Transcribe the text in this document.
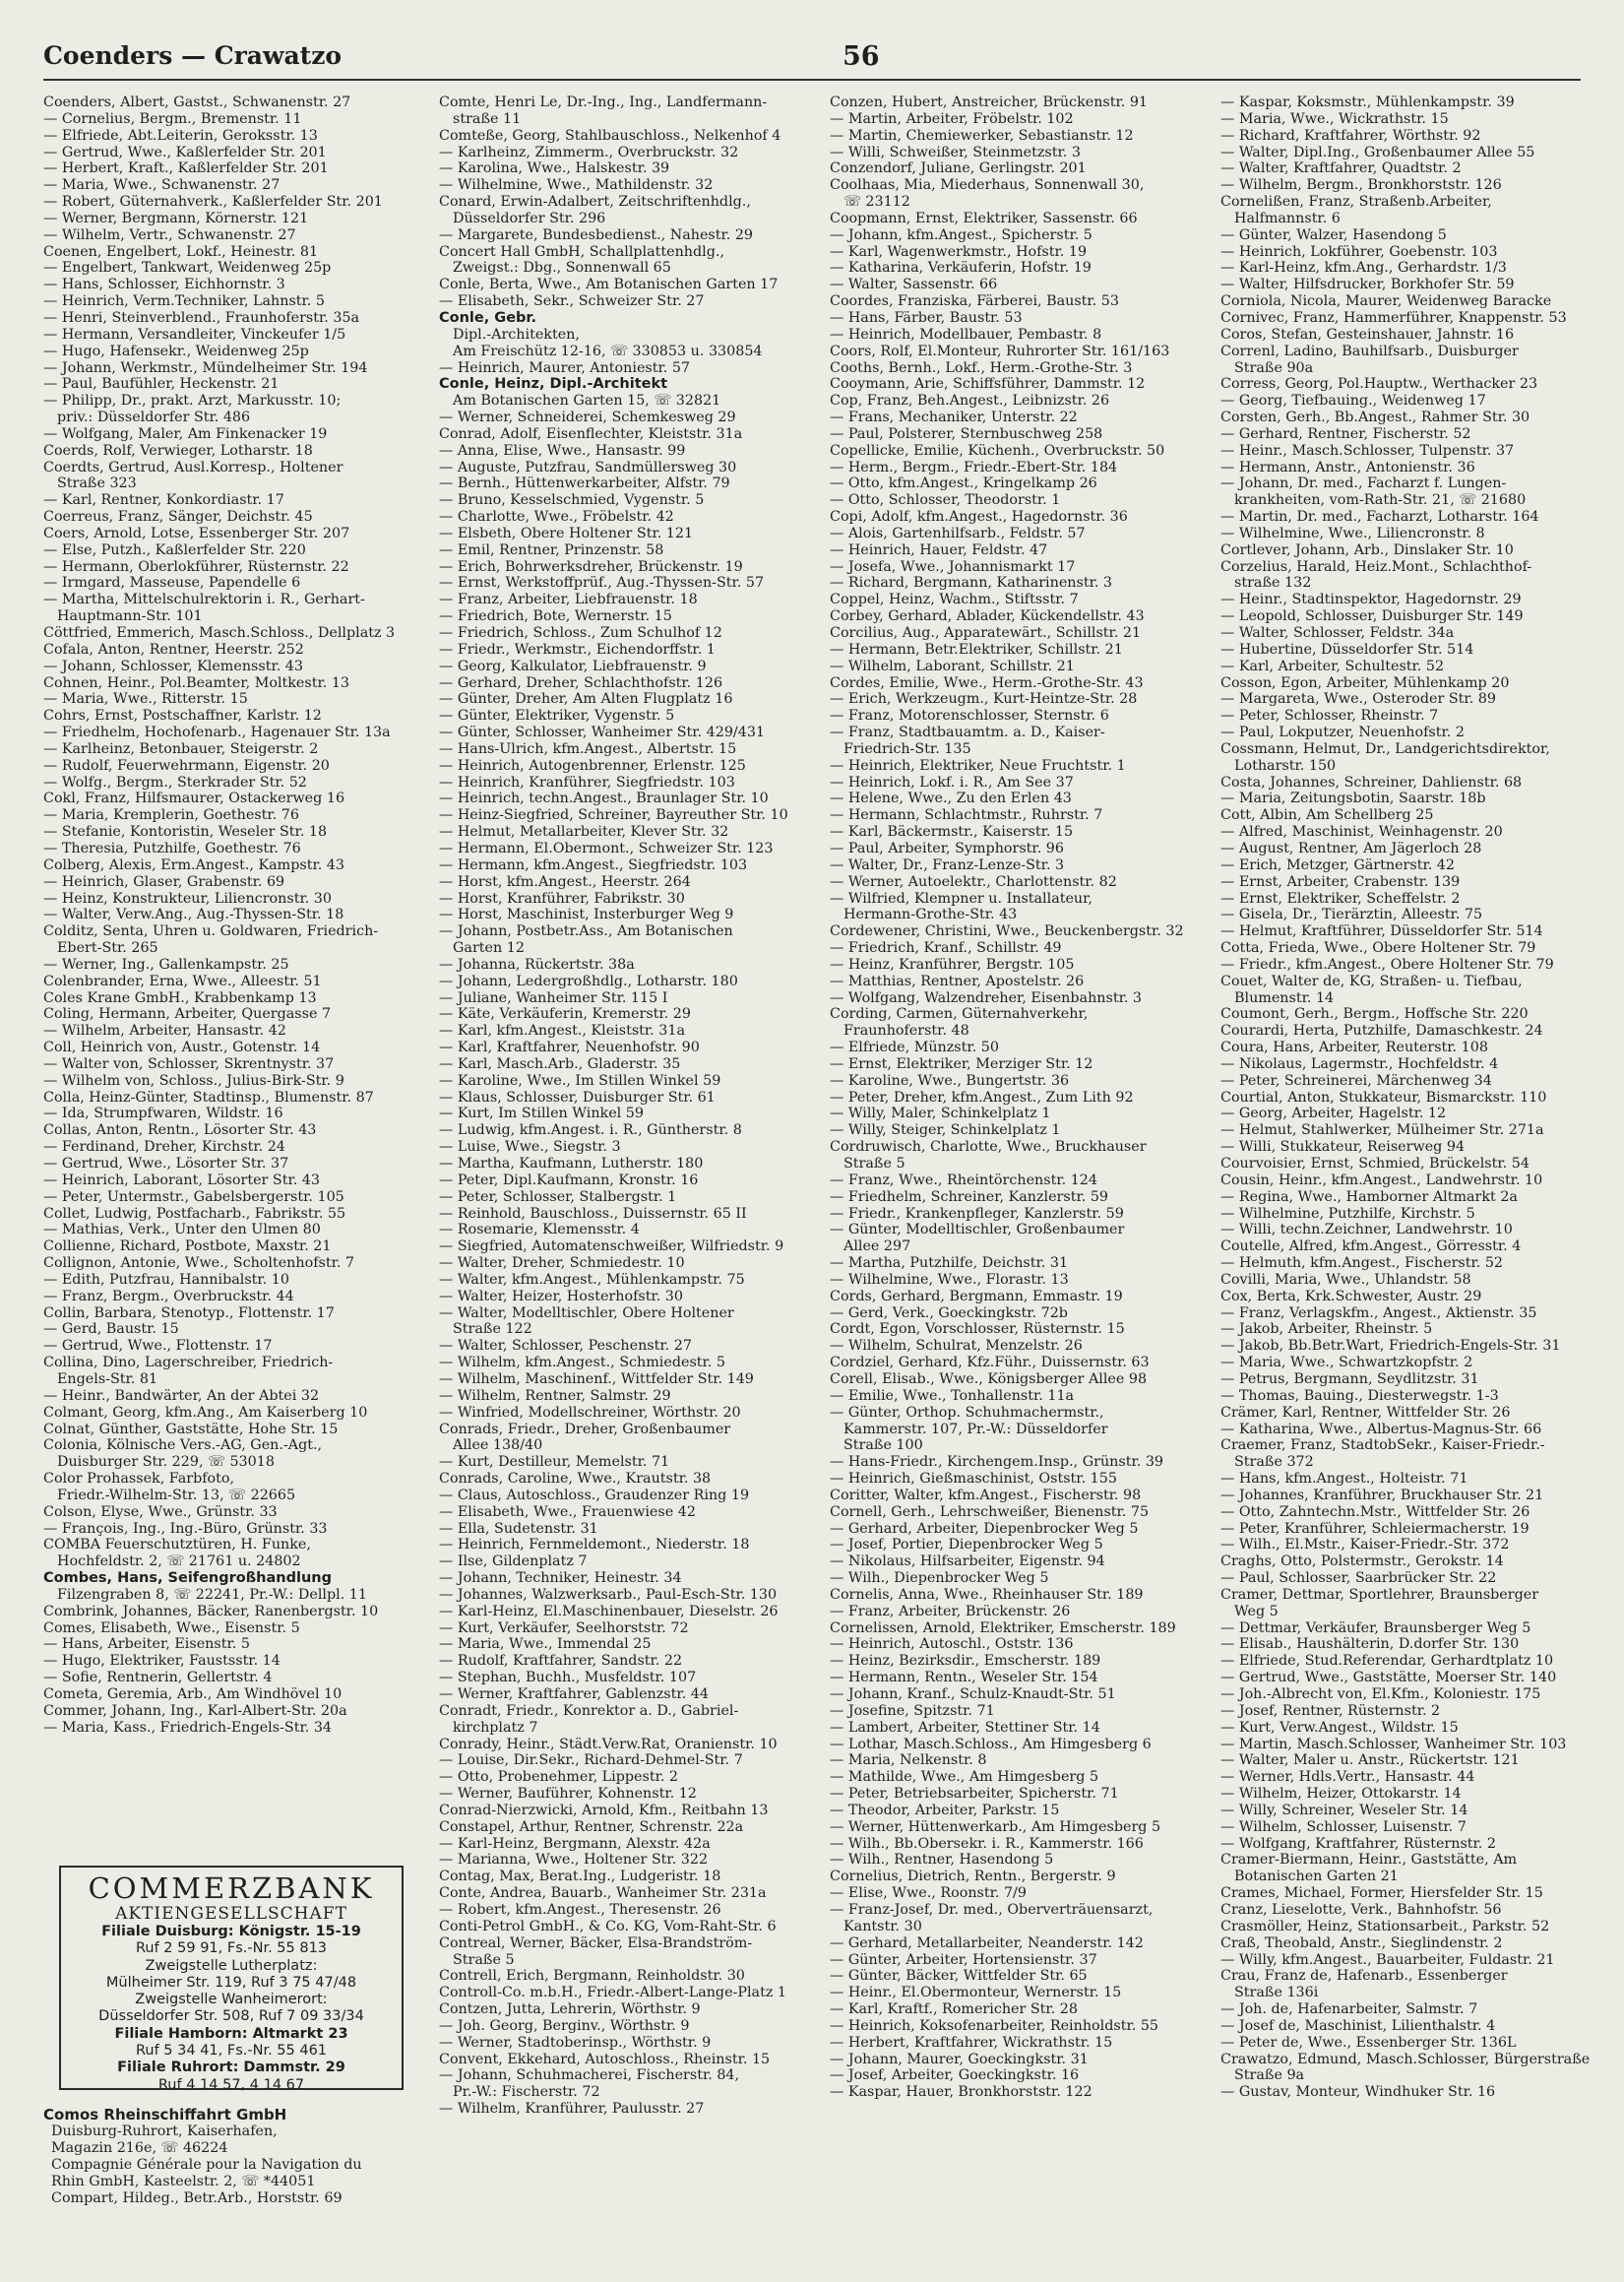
Coenders — Crawatzo	56
Coenders, Albert, Gastst., Schwanenstr. 27
— Cornelius, Bergm., Bremenstr. 11
— Elfriede, Abt.Leiterin, Geroksstr. 13
— Gertrud, Wwe., Kaßlerfelder Str. 201
— Herbert, Kraft., Kaßlerfelder Str. 201
— Maria, Wwe., Schwanenstr. 27
— Robert, Güternahverk., Kaßlerfelder Str. 201
— Werner, Bergmann, Körnerstr. 121
— Wilhelm, Vertr., Schwanenstr. 27
Coenen, Engelbert, Lokf., Heinestr. 81
— Engelbert, Tankwart, Weidenweg 25p
— Hans, Schlosser, Eichhornstr. 3
— Heinrich, Verm.Techniker, Lahnstr. 5
— Henri, Steinverblend., Fraunhoferstr. 35a
— Hermann, Versandleiter, Vinckeufer 1/5
— Hugo, Hafensekr., Weidenweg 25p
— Johann, Werkmstr., Mündelheimer Str. 194
— Paul, Baufühler, Heckenstr. 21
— Philipp, Dr., prakt. Arzt, Markusstr. 10;
priv.: Düsseldorfer Str. 486
— Wolfgang, Maler, Am Finkenacker 19
Coerds, Rolf, Verwieger, Lotharstr. 18
Coerdts, Gertrud, Ausl.Korresp., Holtener
Straße 323
— Karl, Rentner, Konkordiastr. 17
Coerreus, Franz, Sänger, Deichstr. 45
Coers, Arnold, Lotse, Essenberger Str. 207
— Else, Putzh., Kaßlerfelder Str. 220
— Hermann, Oberlokführer, Rüsternstr. 22
— Irmgard, Masseuse, Papendelle 6
— Martha, Mittelschulrektorin i. R., Gerhart-
Hauptmann-Str. 101
Cöttfried, Emmerich, Masch.Schloss., Dellplatz 3
Cofala, Anton, Rentner, Heerstr. 252
— Johann, Schlosser, Klemensstr. 43
Cohnen, Heinr., Pol.Beamter, Moltkestr. 13
— Maria, Wwe., Ritterstr. 15
Cohrs, Ernst, Postschaffner, Karlstr. 12
— Friedhelm, Hochofenarb., Hagenauer Str. 13a
— Karlheinz, Betonbauer, Steigerstr. 2
— Rudolf, Feuerwehrmann, Eigenstr. 20
— Wolfg., Bergm., Sterkrader Str. 52
Cokl, Franz, Hilfsmaurer, Ostackerweg 16
— Maria, Kremplerin, Goethestr. 76
— Stefanie, Kontoristin, Weseler Str. 18
— Theresia, Putzhilfe, Goethestr. 76
Colberg, Alexis, Erm.Angest., Kampstr. 43
— Heinrich, Glaser, Grabenstr. 69
— Heinz, Konstrukteur, Liliencronstr. 30
— Walter, Verw.Ang., Aug.-Thyssen-Str. 18
Colditz, Senta, Uhren u. Goldwaren, Friedrich-
Ebert-Str. 265
— Werner, Ing., Gallenkampstr. 25
Colenbrander, Erna, Wwe., Alleestr. 51
Coles Krane GmbH., Krabbenkamp 13
Coling, Hermann, Arbeiter, Quergasse 7
— Wilhelm, Arbeiter, Hansastr. 42
Coll, Heinrich von, Austr., Gotenstr. 14
— Walter von, Schlosser, Skrentnystr. 37
— Wilhelm von, Schloss., Julius-Birk-Str. 9
Colla, Heinz-Günter, Stadtinsp., Blumenstr. 87
— Ida, Strumpfwaren, Wildstr. 16
Collas, Anton, Rentn., Lösorter Str. 43
— Ferdinand, Dreher, Kirchstr. 24
— Gertrud, Wwe., Lösorter Str. 37
— Heinrich, Laborant, Lösorter Str. 43
— Peter, Untermstr., Gabelsbergerstr. 105
Collet, Ludwig, Postfacharb., Fabrikstr. 55
— Mathias, Verk., Unter den Ulmen 80
Collienne, Richard, Postbote, Maxstr. 21
Collignon, Antonie, Wwe., Scholtenhofstr. 7
— Edith, Putzfrau, Hannibalstr. 10
— Franz, Bergm., Overbruckstr. 44
Collin, Barbara, Stenotyp., Flottenstr. 17
— Gerd, Baustr. 15
— Gertrud, Wwe., Flottenstr. 17
Collina, Dino, Lagerschreiber, Friedrich-
Engels-Str. 81
— Heinr., Bandwärter, An der Abtei 32
Colmant, Georg, kfm.Ang., Am Kaiserberg 10
Colnat, Günther, Gaststätte, Hohe Str. 15
Colonia, Kölnische Vers.-AG, Gen.-Agt.,
Duisburger Str. 229, ☏ 53018
Color Prohassek, Farbfoto,
Friedr.-Wilhelm-Str. 13, ☏ 22665
Colson, Elyse, Wwe., Grünstr. 33
— François, Ing., Ing.-Büro, Grünstr. 33
COMBA Feuerschutztüren, H. Funke,
Hochfeldstr. 2, ☏ 21761 u. 24802
Combes, Hans, Seifengroßhandlung
Filzengraben 8, ☏ 22241, Pr.-W.: Dellpl. 11
Combrink, Johannes, Bäcker, Ranenbergstr. 10
Comes, Elisabeth, Wwe., Eisenstr. 5
— Hans, Arbeiter, Eisenstr. 5
— Hugo, Elektriker, Faustsstr. 14
— Sofie, Rentnerin, Gellertstr. 4
Cometa, Geremia, Arb., Am Windhövel 10
Commer, Johann, Ing., Karl-Albert-Str. 20a
— Maria, Kass., Friedrich-Engels-Str. 34
Comte, Henri Le, Dr.-Ing., Ing., Landfermann-
straße 11
Comteße, Georg, Stahlbauschloss., Nelkenhof 4
— Karlheinz, Zimmerm., Overbruckstr. 32
— Karolina, Wwe., Halskestr. 39
— Wilhelmine, Wwe., Mathildenstr. 32
Conard, Erwin-Adalbert, Zeitschriftenhdlg.,
Düsseldorfer Str. 296
— Margarete, Bundesbedienst., Nahestr. 29
Concert Hall GmbH, Schallplattenhdlg.,
Zweigst.: Dbg., Sonnenwall 65
Conle, Berta, Wwe., Am Botanischen Garten 17
— Elisabeth, Sekr., Schweizer Str. 27
Conle, Gebr.
Dipl.-Architekten,
Am Freischütz 12-16, ☏ 330853 u. 330854
— Heinrich, Maurer, Antoniestr. 57
Conle, Heinz, Dipl.-Architekt
Am Botanischen Garten 15, ☏ 32821
— Werner, Schneiderei, Schemkesweg 29
Conrad, Adolf, Eisenflechter, Kleiststr. 31a
— Anna, Elise, Wwe., Hansastr. 99
— Auguste, Putzfrau, Sandmüllersweg 30
— Bernh., Hüttenwerkarbeiter, Alfstr. 79
— Bruno, Kesselschmied, Vygenstr. 5
— Charlotte, Wwe., Fröbelstr. 42
— Elsbeth, Obere Holtener Str. 121
— Emil, Rentner, Prinzenstr. 58
— Erich, Bohrwerksdreher, Brückenstr. 19
— Ernst, Werkstoffprüf., Aug.-Thyssen-Str. 57
— Franz, Arbeiter, Liebfrauenstr. 18
— Friedrich, Bote, Wernerstr. 15
— Friedrich, Schloss., Zum Schulhof 12
— Friedr., Werkmstr., Eichendorffstr. 1
— Georg, Kalkulator, Liebfrauenstr. 9
— Gerhard, Dreher, Schlachthofstr. 126
— Günter, Dreher, Am Alten Flugplatz 16
— Günter, Elektriker, Vygenstr. 5
— Günter, Schlosser, Wanheimer Str. 429/431
— Hans-Ulrich, kfm.Angest., Albertstr. 15
— Heinrich, Autogenbrenner, Erlenstr. 125
— Heinrich, Kranführer, Siegfriedstr. 103
— Heinrich, techn.Angest., Braunlager Str. 10
— Heinz-Siegfried, Schreiner, Bayreuther Str. 10
— Helmut, Metallarbeiter, Klever Str. 32
— Hermann, El.Obermont., Schweizer Str. 123
— Hermann, kfm.Angest., Siegfriedstr. 103
— Horst, kfm.Angest., Heerstr. 264
— Horst, Kranführer, Fabrikstr. 30
— Horst, Maschinist, Insterburger Weg 9
— Johann, Postbetr.Ass., Am Botanischen
Garten 12
— Johanna, Rückertstr. 38a
— Johann, Ledergroßhdlg., Lotharstr. 180
— Juliane, Wanheimer Str. 115 I
— Käte, Verkäuferin, Kremerstr. 29
— Karl, kfm.Angest., Kleiststr. 31a
— Karl, Kraftfahrer, Neuenhofstr. 90
— Karl, Masch.Arb., Gladerstr. 35
— Karoline, Wwe., Im Stillen Winkel 59
— Klaus, Schlosser, Duisburger Str. 61
— Kurt, Im Stillen Winkel 59
— Ludwig, kfm.Angest. i. R., Güntherstr. 8
— Luise, Wwe., Siegstr. 3
— Martha, Kaufmann, Lutherstr. 180
— Peter, Dipl.Kaufmann, Kronstr. 16
— Peter, Schlosser, Stalbergstr. 1
— Reinhold, Bauschloss., Duissernstr. 65 II
— Rosemarie, Klemensstr. 4
— Siegfried, Automatenschweißer, Wilfriedstr. 9
— Walter, Dreher, Schmiedestr. 10
— Walter, kfm.Angest., Mühlenkampstr. 75
— Walter, Heizer, Hosterhofstr. 30
— Walter, Modelltischler, Obere Holtener
Straße 122
— Walter, Schlosser, Peschenstr. 27
— Wilhelm, kfm.Angest., Schmiedestr. 5
— Wilhelm, Maschinenf., Wittfelder Str. 149
— Wilhelm, Rentner, Salmstr. 29
— Winfried, Modellschreiner, Wörthstr. 20
Conrads, Friedr., Dreher, Großenbaumer
Allee 138/40
— Kurt, Destilleur, Memelstr. 71
Conrads, Caroline, Wwe., Krautstr. 38
— Claus, Autoschloss., Graudenzer Ring 19
— Elisabeth, Wwe., Frauenwiese 42
— Ella, Sudetenstr. 31
— Heinrich, Fernmeldemont., Niederstr. 18
— Ilse, Gildenplatz 7
— Johann, Techniker, Heinestr. 34
— Johannes, Walzwerksarb., Paul-Esch-Str. 130
— Karl-Heinz, El.Maschinenbauer, Dieselstr. 26
— Kurt, Verkäufer, Seelhorststr. 72
— Maria, Wwe., Immendal 25
— Rudolf, Kraftfahrer, Sandstr. 22
— Stephan, Buchh., Musfeldstr. 107
— Werner, Kraftfahrer, Gablenzstr. 44
Conradt, Friedr., Konrektor a. D., Gabriel-
kirchplatz 7
Conrady, Heinr., Städt.Verw.Rat, Oranienstr. 10
— Louise, Dir.Sekr., Richard-Dehmel-Str. 7
— Otto, Probenehmer, Lippestr. 2
— Werner, Bauführer, Kohnenstr. 12
Conrad-Nierzwicki, Arnold, Kfm., Reitbahn 13
Constapel, Arthur, Rentner, Schrenstr. 22a
— Karl-Heinz, Bergmann, Alexstr. 42a
— Marianna, Wwe., Holtener Str. 322
Contag, Max, Berat.Ing., Ludgeristr. 18
Conte, Andrea, Bauarb., Wanheimer Str. 231a
— Robert, kfm.Angest., Theresenstr. 26
Conti-Petrol GmbH., & Co. KG, Vom-Raht-Str. 6
Contreal, Werner, Bäcker, Elsa-Brandström-
Straße 5
Contrell, Erich, Bergmann, Reinholdstr. 30
Controll-Co. m.b.H., Friedr.-Albert-Lange-Platz 1
Contzen, Jutta, Lehrerin, Wörthstr. 9
— Joh. Georg, Berginv., Wörthstr. 9
— Werner, Stadtoberinsp., Wörthstr. 9
Convent, Ekkehard, Autoschloss., Rheinstr. 15
— Johann, Schuhmacherei, Fischerstr. 84,
Pr.-W.: Fischerstr. 72
— Wilhelm, Kranführer, Paulusstr. 27
Conzen, Hubert, Anstreicher, Brückenstr. 91
— Martin, Arbeiter, Fröbelstr. 102
— Martin, Chemiewerker, Sebastianstr. 12
— Willi, Schweißer, Steinmetzstr. 3
Conzendorf, Juliane, Gerlingstr. 201
Coolhaas, Mia, Miederhaus, Sonnenwall 30,
☏ 23112
Coopmann, Ernst, Elektriker, Sassenstr. 66
— Johann, kfm.Angest., Spicherstr. 5
— Karl, Wagenwerkmstr., Hofstr. 19
— Katharina, Verkäuferin, Hofstr. 19
— Walter, Sassenstr. 66
Coordes, Franziska, Färberei, Baustr. 53
— Hans, Färber, Baustr. 53
— Heinrich, Modellbauer, Pembastr. 8
Coors, Rolf, El.Monteur, Ruhrorter Str. 161/163
Cooths, Bernh., Lokf., Herm.-Grothe-Str. 3
Cooymann, Arie, Schiffsführer, Dammstr. 12
Cop, Franz, Beh.Angest., Leibnizstr. 26
— Frans, Mechaniker, Unterstr. 22
— Paul, Polsterer, Sternbuschweg 258
Copellicke, Emilie, Küchenh., Overbruckstr. 50
— Herm., Bergm., Friedr.-Ebert-Str. 184
— Otto, kfm.Angest., Kringelkamp 26
— Otto, Schlosser, Theodorstr. 1
Copi, Adolf, kfm.Angest., Hagedornstr. 36
— Alois, Gartenhilfsarb., Feldstr. 57
— Heinrich, Hauer, Feldstr. 47
— Josefa, Wwe., Johannismarkt 17
— Richard, Bergmann, Katharinenstr. 3
Coppel, Heinz, Wachm., Stiftsstr. 7
Corbey, Gerhard, Ablader, Kückendellstr. 43
Corcilius, Aug., Apparatewärt., Schillstr. 21
— Hermann, Betr.Elektriker, Schillstr. 21
— Wilhelm, Laborant, Schillstr. 21
Cordes, Emilie, Wwe., Herm.-Grothe-Str. 43
— Erich, Werkzeugm., Kurt-Heintze-Str. 28
— Franz, Motorenschlosser, Sternstr. 6
— Franz, Stadtbauamtm. a. D., Kaiser-
Friedrich-Str. 135
— Heinrich, Elektriker, Neue Fruchtstr. 1
— Heinrich, Lokf. i. R., Am See 37
— Helene, Wwe., Zu den Erlen 43
— Hermann, Schlachtmstr., Ruhrstr. 7
— Karl, Bäckermstr., Kaiserstr. 15
— Paul, Arbeiter, Symphorstr. 96
— Walter, Dr., Franz-Lenze-Str. 3
— Werner, Autoelektr., Charlottenstr. 82
— Wilfried, Klempner u. Installateur,
Hermann-Grothe-Str. 43
Cordewener, Christini, Wwe., Beuckenbergstr. 32
— Friedrich, Kranf., Schillstr. 49
— Heinz, Kranführer, Bergstr. 105
— Matthias, Rentner, Apostelstr. 26
— Wolfgang, Walzendreher, Eisenbahnstr. 3
Cording, Carmen, Güternahverkehr,
Fraunhoferstr. 48
— Elfriede, Münzstr. 50
— Ernst, Elektriker, Merziger Str. 12
— Karoline, Wwe., Bungertstr. 36
— Peter, Dreher, kfm.Angest., Zum Lith 92
— Willy, Maler, Schinkelplatz 1
— Willy, Steiger, Schinkelplatz 1
Cordruwisch, Charlotte, Wwe., Bruckhauser
Straße 5
— Franz, Wwe., Rheintörchenstr. 124
— Friedhelm, Schreiner, Kanzlerstr. 59
— Friedr., Krankenpfleger, Kanzlerstr. 59
— Günter, Modelltischler, Großenbaumer
Allee 297
— Martha, Putzhilfe, Deichstr. 31
— Wilhelmine, Wwe., Florastr. 13
Cords, Gerhard, Bergmann, Emmastr. 19
— Gerd, Verk., Goeckingkstr. 72b
Cordt, Egon, Vorschlosser, Rüsternstr. 15
— Wilhelm, Schulrat, Menzelstr. 26
Cordziel, Gerhard, Kfz.Führ., Duissernstr. 63
Corell, Elisab., Wwe., Königsberger Allee 98
— Emilie, Wwe., Tonhallenstr. 11a
— Günter, Orthop. Schuhmachermstr.,
Kammerstr. 107, Pr.-W.: Düsseldorfer
Straße 100
— Hans-Friedr., Kirchengem.Insp., Grünstr. 39
— Heinrich, Gießmaschinist, Oststr. 155
Coritter, Walter, kfm.Angest., Fischerstr. 98
Cornell, Gerh., Lehrschweißer, Bienenstr. 75
— Gerhard, Arbeiter, Diepenbrocker Weg 5
— Josef, Portier, Diepenbrocker Weg 5
— Nikolaus, Hilfsarbeiter, Eigenstr. 94
— Wilh., Diepenbrocker Weg 5
Cornelis, Anna, Wwe., Rheinhauser Str. 189
— Franz, Arbeiter, Brückenstr. 26
Cornelissen, Arnold, Elektriker, Emscherstr. 189
— Heinrich, Autoschl., Oststr. 136
— Heinz, Bezirksdir., Emscherstr. 189
— Hermann, Rentn., Weseler Str. 154
— Johann, Kranf., Schulz-Knaudt-Str. 51
— Josefine, Spitzstr. 71
— Lambert, Arbeiter, Stettiner Str. 14
— Lothar, Masch.Schloss., Am Himgesberg 6
— Maria, Nelkenstr. 8
— Mathilde, Wwe., Am Himgesberg 5
— Peter, Betriebsarbeiter, Spicherstr. 71
— Theodor, Arbeiter, Parkstr. 15
— Werner, Hüttenwerkarb., Am Himgesberg 5
— Wilh., Bb.Obersekr. i. R., Kammerstr. 166
— Wilh., Rentner, Hasendong 5
Cornelius, Dietrich, Rentn., Bergerstr. 9
— Elise, Wwe., Roonstr. 7/9
— Franz-Josef, Dr. med., Oberverträuensarzt,
Kantstr. 30
— Gerhard, Metallarbeiter, Neanderstr. 142
— Günter, Arbeiter, Hortensienstr. 37
— Günter, Bäcker, Wittfelder Str. 65
— Heinr., El.Obermonteur, Wernerstr. 15
— Karl, Kraftf., Romericher Str. 28
— Heinrich, Koksofenarbeiter, Reinholdstr. 55
— Herbert, Kraftfahrer, Wickrathstr. 15
— Johann, Maurer, Goeckingkstr. 31
— Josef, Arbeiter, Goeckingkstr. 16
— Kaspar, Hauer, Bronkhorststr. 122
— Kaspar, Koksmstr., Mühlenkampstr. 39
— Maria, Wwe., Wickrathstr. 15
— Richard, Kraftfahrer, Wörthstr. 92
— Walter, Dipl.Ing., Großenbaumer Allee 55
— Walter, Kraftfahrer, Quadtstr. 2
— Wilhelm, Bergm., Bronkhorststr. 126
Cornelißen, Franz, Straßenb.Arbeiter,
Halfmannstr. 6
— Günter, Walzer, Hasendong 5
— Heinrich, Lokführer, Goebenstr. 103
— Karl-Heinz, kfm.Ang., Gerhardstr. 1/3
— Walter, Hilfsdrucker, Borkhofer Str. 59
Corniola, Nicola, Maurer, Weidenweg Baracke
Cornivec, Franz, Hammerführer, Knappenstr. 53
Coros, Stefan, Gesteinshauer, Jahnstr. 16
Correnl, Ladino, Bauhilfsarb., Duisburger
Straße 90a
Corress, Georg, Pol.Hauptw., Werthacker 23
— Georg, Tiefbauing., Weidenweg 17
Corsten, Gerh., Bb.Angest., Rahmer Str. 30
— Gerhard, Rentner, Fischerstr. 52
— Heinr., Masch.Schlosser, Tulpenstr. 37
— Hermann, Anstr., Antonienstr. 36
— Johann, Dr. med., Facharzt f. Lungen-
krankheiten, vom-Rath-Str. 21, ☏ 21680
— Martin, Dr. med., Facharzt, Lotharstr. 164
— Wilhelmine, Wwe., Liliencronstr. 8
Cortlever, Johann, Arb., Dinslaker Str. 10
Corzelius, Harald, Heiz.Mont., Schlachthof-
straße 132
— Heinr., Stadtinspektor, Hagedornstr. 29
— Leopold, Schlosser, Duisburger Str. 149
— Walter, Schlosser, Feldstr. 34a
— Hubertine, Düsseldorfer Str. 514
— Karl, Arbeiter, Schultestr. 52
Cosson, Egon, Arbeiter, Mühlenkamp 20
— Margareta, Wwe., Osteroder Str. 89
— Peter, Schlosser, Rheinstr. 7
— Paul, Lokputzer, Neuenhofstr. 2
Cossmann, Helmut, Dr., Landgerichtsdirektor,
Lotharstr. 150
Costa, Johannes, Schreiner, Dahlienstr. 68
— Maria, Zeitungsbotin, Saarstr. 18b
Cott, Albin, Am Schellberg 25
— Alfred, Maschinist, Weinhagenstr. 20
— August, Rentner, Am Jägerloch 28
— Erich, Metzger, Gärtnerstr. 42
— Ernst, Arbeiter, Crabenstr. 139
— Ernst, Elektriker, Scheffelstr. 2
— Gisela, Dr., Tierärztin, Alleestr. 75
— Helmut, Kraftführer, Düsseldorfer Str. 514
Cotta, Frieda, Wwe., Obere Holtener Str. 79
— Friedr., kfm.Angest., Obere Holtener Str. 79
Couet, Walter de, KG, Straßen- u. Tiefbau,
Blumenstr. 14
Coumont, Gerh., Bergm., Hoffsche Str. 220
Courardi, Herta, Putzhilfe, Damaschkestr. 24
Coura, Hans, Arbeiter, Reuterstr. 108
— Nikolaus, Lagermstr., Hochfeldstr. 4
— Peter, Schreinerei, Märchenweg 34
Courtial, Anton, Stukkateur, Bismarckstr. 110
— Georg, Arbeiter, Hagelstr. 12
— Helmut, Stahlwerker, Mülheimer Str. 271a
— Willi, Stukkateur, Reiserweg 94
Courvoisier, Ernst, Schmied, Brückelstr. 54
Cousin, Heinr., kfm.Angest., Landwehrstr. 10
— Regina, Wwe., Hamborner Altmarkt 2a
— Wilhelmine, Putzhilfe, Kirchstr. 5
— Willi, techn.Zeichner, Landwehrstr. 10
Coutelle, Alfred, kfm.Angest., Görresstr. 4
— Helmuth, kfm.Angest., Fischerstr. 52
Covilli, Maria, Wwe., Uhlandstr. 58
Cox, Berta, Krk.Schwester, Austr. 29
— Franz, Verlagskfm., Angest., Aktienstr. 35
— Jakob, Arbeiter, Rheinstr. 5
— Jakob, Bb.Betr.Wart, Friedrich-Engels-Str. 31
— Maria, Wwe., Schwartzkopfstr. 2
— Petrus, Bergmann, Seydlitzstr. 31
— Thomas, Bauing., Diesterwegstr. 1-3
Crämer, Karl, Rentner, Wittfelder Str. 26
— Katharina, Wwe., Albertus-Magnus-Str. 66
Craemer, Franz, StadtobSekr., Kaiser-Friedr.-
Straße 372
— Hans, kfm.Angest., Holteistr. 71
— Johannes, Kranführer, Bruckhauser Str. 21
— Otto, Zahntechn.Mstr., Wittfelder Str. 26
— Peter, Kranführer, Schleiermacherstr. 19
— Wilh., El.Mstr., Kaiser-Friedr.-Str. 372
Craghs, Otto, Polstermstr., Gerokstr. 14
— Paul, Schlosser, Saarbrücker Str. 22
Cramer, Dettmar, Sportlehrer, Braunsberger
Weg 5
— Dettmar, Verkäufer, Braunsberger Weg 5
— Elisab., Haushälterin, D.dorfer Str. 130
— Elfriede, Stud.Referendar, Gerhardtplatz 10
— Gertrud, Wwe., Gaststätte, Moerser Str. 140
— Joh.-Albrecht von, El.Kfm., Koloniestr. 175
— Josef, Rentner, Rüsternstr. 2
— Kurt, Verw.Angest., Wildstr. 15
— Martin, Masch.Schlosser, Wanheimer Str. 103
— Walter, Maler u. Anstr., Rückertstr. 121
— Werner, Hdls.Vertr., Hansastr. 44
— Wilhelm, Heizer, Ottokarstr. 14
— Willy, Schreiner, Weseler Str. 14
— Wilhelm, Schlosser, Luisenstr. 7
— Wolfgang, Kraftfahrer, Rüsternstr. 2
Cramer-Biermann, Heinr., Gaststätte, Am
Botanischen Garten 21
Crames, Michael, Former, Hiersfelder Str. 15
Cranz, Lieselotte, Verk., Bahnhofstr. 56
Crasmöller, Heinz, Stationsarbeit., Parkstr. 52
Craß, Theobald, Anstr., Sieglindenstr. 2
— Willy, kfm.Angest., Bauarbeiter, Fuldastr. 21
Crau, Franz de, Hafenarb., Essenberger
Straße 136i
— Joh. de, Hafenarbeiter, Salmstr. 7
— Josef de, Maschinist, Lilienthalstr. 4
— Peter de, Wwe., Essenberger Str. 136L
Crawatzo, Edmund, Masch.Schlosser, Bürgerstraße
Straße 9a
— Gustav, Monteur, Windhuker Str. 16
COMMERZBANK
AKTIENGESELLSCHAFT
Filiale Duisburg: Königstr. 15-19
Ruf 2 59 91, Fs.-Nr. 55 813
Zweigstelle Lutherplatz:
Mülheimer Str. 119, Ruf 3 75 47/48
Zweigstelle Wanheimerort:
Düsseldorfer Str. 508, Ruf 7 09 33/34
Filiale Hamborn: Altmarkt 23
Ruf 5 34 41, Fs.-Nr. 55 461
Filiale Ruhrort: Dammstr. 29
Ruf 4 14 57, 4 14 67
Comos Rheinschiffahrt GmbH
Duisburg-Ruhrort, Kaiserhafen,
Magazin 216e, ☏ 46224
Compagnie Générale pour la Navigation du
Rhin GmbH, Kasteelstr. 2, ☏ *44051
Compart, Hildeg., Betr.Arb., Horststr. 69
